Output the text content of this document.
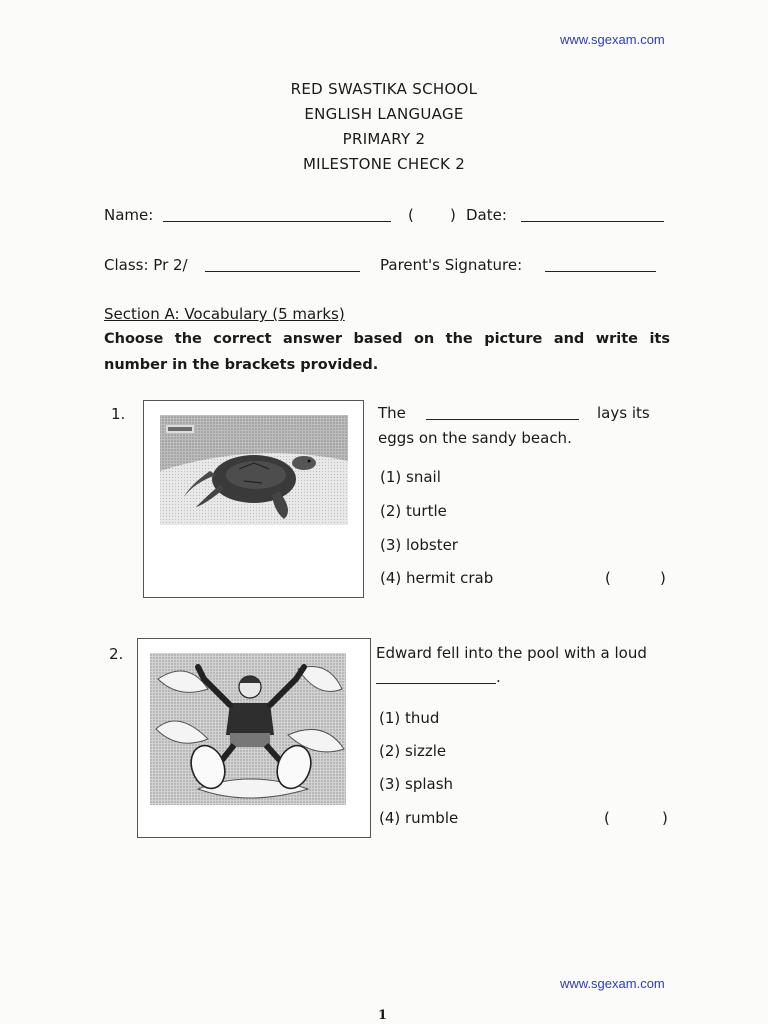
www.sgexam.com
RED SWASTIKA SCHOOL
ENGLISH LANGUAGE
PRIMARY 2
MILESTONE CHECK 2
Name:	( ) Date:
Class: Pr 2/	Parent's Signature:
Section A: Vocabulary (5 marks)
Choose the correct answer based on the picture and write its
number in the brackets provided.
1.	The	lays its
eggs on the sandy beach.
(1) snail
(2) turtle
(3) lobster
(4) hermit crab	(	)
2.	Edward fell into the pool with a loud
.
(1) thud
(2) sizzle
(3) splash
(4) rumble	(	)
www.sgexam.com
1
